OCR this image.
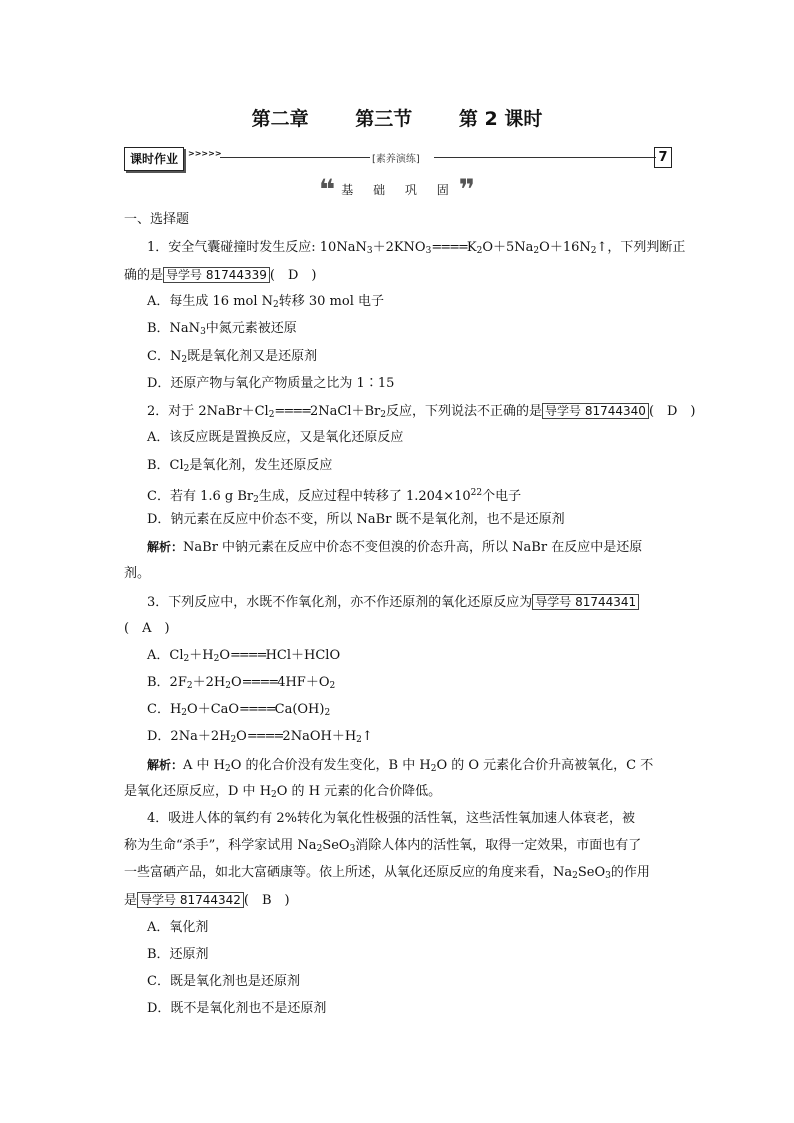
第二章 第三节 第 2 课时
课时作业	>>>>>
[素养演练]	7
❝ 基 础 巩 固❞
一、选择题
1．安全气囊碰撞时发生反应: $10NaN_3+2KNO_3====K_2O+5Na_2O+16N_2↑$，下列判断正
确的是 导学号 81744339 (　D　)
A．每生成 16 mol $N_2$转移 30 mol 电子
B．NaN$_3$中氮元素被还原
C．$N_2$既是氧化剂又是还原剂
D．还原产物与氧化产物质量之比为 1∶15
2．对于 $2NaBr+Cl_2====2NaCl+Br_2$反应，下列说法不正确的是 导学号 81744340 (　D　)
A．该反应既是置换反应，又是氧化还原反应
B．$Cl_2$是氧化剂，发生还原反应
C．若有 1.6 g $Br_2$生成，反应过程中转移了 $1.204\times 10^{22}$个电子
D．钠元素在反应中价态不变，所以 NaBr 既不是氧化剂，也不是还原剂
解析：NaBr 中钠元素在反应中价态不变但溴的价态升高，所以 NaBr 在反应中是还原
剂。
3．下列反应中，水既不作氧化剂，亦不作还原剂的氧化还原反应为 导学号 81744341
(　A　)
A．$Cl_2+H_2O====HCl+HClO$
B．$2F_2+2H_2O====4HF+O_2$
C．$H_2O+CaO====Ca(OH)_2$
D．$2Na+2H_2O====2NaOH+H_2↑$
解析：A 中 $H_2O$ 的化合价没有发生变化，B 中 $H_2O$ 的 O 元素化合价升高被氧化，C 不
是氧化还原反应，D 中 $H_2O$ 的 H 元素的化合价降低。
4．吸进人体的氧约有 2%转化为氧化性极强的活性氧，这些活性氧加速人体衰老，被
称为生命“杀手”，科学家试用 $Na_2SeO_3$消除人体内的活性氧，取得一定效果，市面也有了
一些富硒产品，如北大富硒康等。依上所述，从氧化还原反应的角度来看，$Na_2SeO_3$的作用
是 导学号 81744342 (　B　)
A．氧化剂
B．还原剂
C．既是氧化剂也是还原剂
D．既不是氧化剂也不是还原剂
